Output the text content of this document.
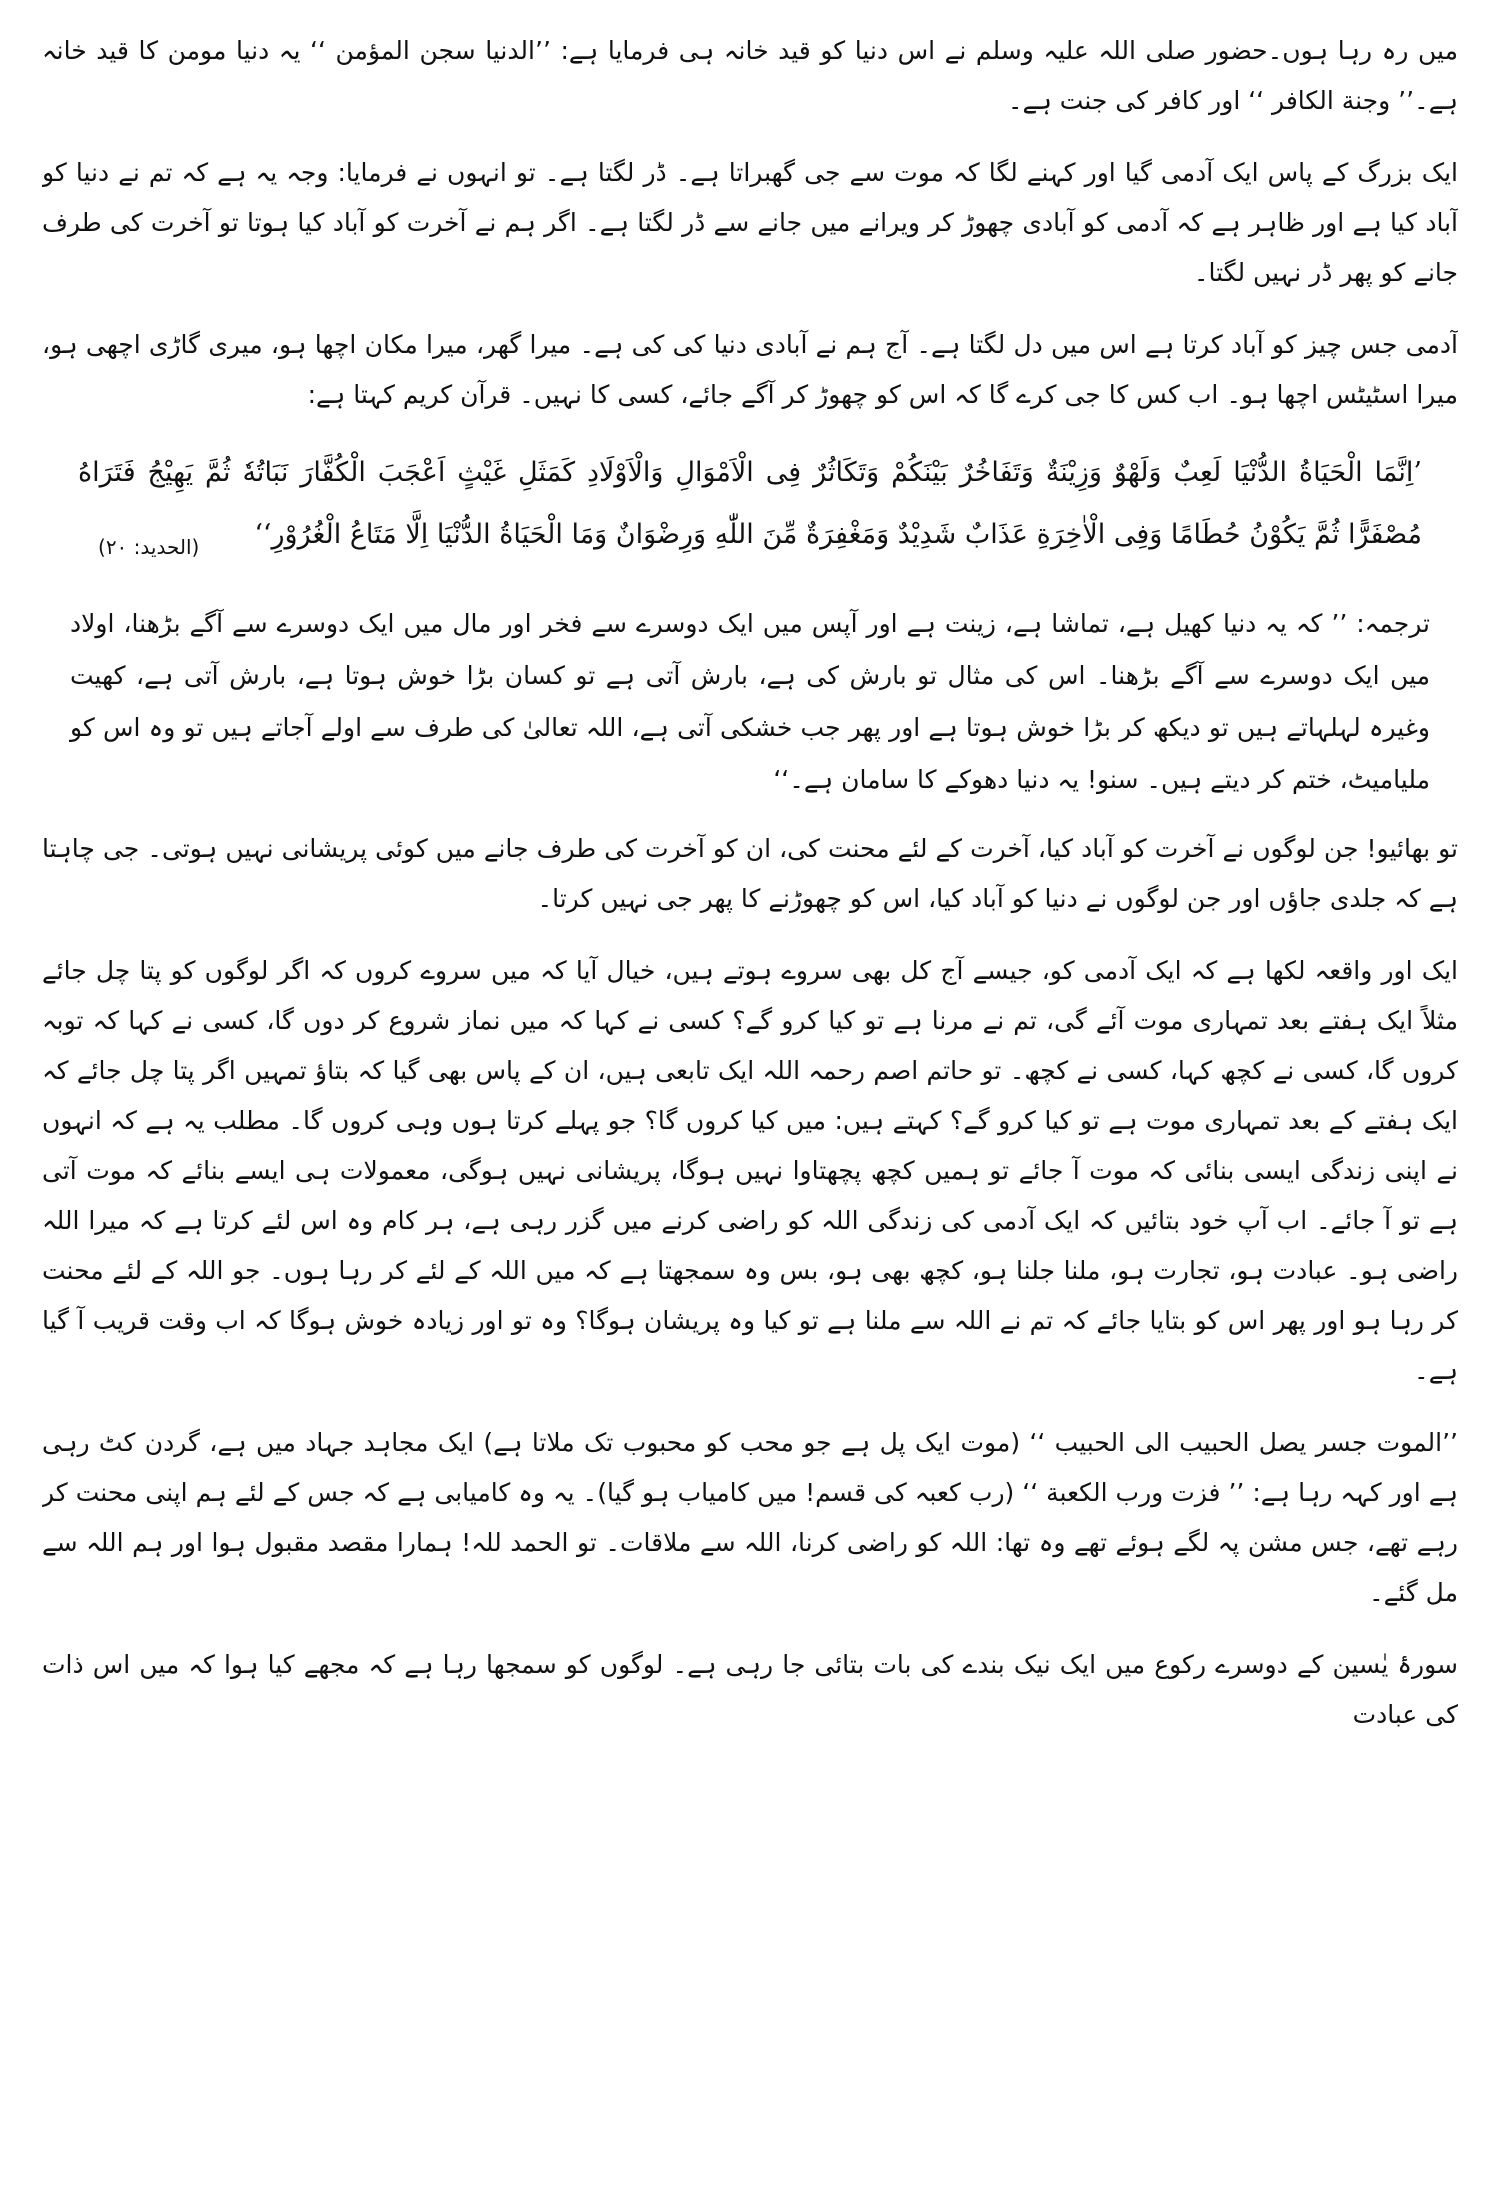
میں رہ رہا ہوں۔حضور صلی اللہ علیہ وسلم نے اس دنیا کو قید خانہ ہی فرمایا ہے: ’’الدنیا سجن المؤمن ‘‘ یہ دنیا مومن کا قید خانہ ہے۔’’ وجنة الکافر ‘‘ اور کافر کی جنت ہے۔

ایک بزرگ کے پاس ایک آدمی گیا اور کہنے لگا کہ موت سے جی گھبراتا ہے۔ ڈر لگتا ہے۔ تو انہوں نے فرمایا: وجہ یہ ہے کہ تم نے دنیا کو آباد کیا ہے اور ظاہر ہے کہ آدمی کو آبادی چھوڑ کر ویرانے میں جانے سے ڈر لگتا ہے۔ اگر ہم نے آخرت کو آباد کیا ہوتا تو آخرت کی طرف جانے کو پھر ڈر نہیں لگتا۔

آدمی جس چیز کو آباد کرتا ہے اس میں دل لگتا ہے۔ آج ہم نے آبادی دنیا کی کی ہے۔ میرا گھر، میرا مکان اچھا ہو، میری گاڑی اچھی ہو، میرا اسٹیٹس اچھا ہو۔ اب کس کا جی کرے گا کہ اس کو چھوڑ کر آگے جائے، کسی کا نہیں۔ قرآن کریم کہتا ہے:

’اِنَّمَا الْحَیَاةُ الدُّنْیَا لَعِبٌ وَلَهْوٌ وَزِیْنَةٌ وَتَفَاخُرٌ بَیْنَکُمْ وَتَکَاثُرٌ فِی الْاَمْوَالِ وَالْاَوْلَادِ کَمَثَلِ غَیْثٍ اَعْجَبَ الْکُفَّارَ نَبَاتُهٗ ثُمَّ یَهِیْجُ فَتَرَاهُ مُصْفَرًّا ثُمَّ یَکُوْنُ حُطَامًا وَفِی الْاٰخِرَةِ عَذَابٌ شَدِیْدٌ وَمَغْفِرَةٌ مِّنَ اللّٰهِ وَرِضْوَانٌ وَمَا الْحَیَاةُ الدُّنْیَا اِلَّا مَتَاعُ الْغُرُوْرِ‘‘
(الحدید: ۲۰)

ترجمہ: ’’ کہ یہ دنیا کھیل ہے، تماشا ہے، زینت ہے اور آپس میں ایک دوسرے سے فخر اور مال میں ایک دوسرے سے آگے بڑھنا، اولاد میں ایک دوسرے سے آگے بڑھنا۔ اس کی مثال تو بارش کی ہے، بارش آتی ہے تو کسان بڑا خوش ہوتا ہے، بارش آتی ہے، کھیت وغیرہ لہلہاتے ہیں تو دیکھ کر بڑا خوش ہوتا ہے اور پھر جب خشکی آتی ہے، اللہ تعالیٰ کی طرف سے اولے آجاتے ہیں تو وہ اس کو ملیامیٹ، ختم کر دیتے ہیں۔ سنو! یہ دنیا دھوکے کا سامان ہے۔‘‘

تو بھائیو! جن لوگوں نے آخرت کو آباد کیا، آخرت کے لئے محنت کی، ان کو آخرت کی طرف جانے میں کوئی پریشانی نہیں ہوتی۔ جی چاہتا ہے کہ جلدی جاؤں اور جن لوگوں نے دنیا کو آباد کیا، اس کو چھوڑنے کا پھر جی نہیں کرتا۔

ایک اور واقعہ لکھا ہے کہ ایک آدمی کو، جیسے آج کل بھی سروے ہوتے ہیں، خیال آیا کہ میں سروے کروں کہ اگر لوگوں کو پتا چل جائے مثلاً ایک ہفتے بعد تمہاری موت آئے گی، تم نے مرنا ہے تو کیا کرو گے؟ کسی نے کہا کہ میں نماز شروع کر دوں گا، کسی نے کہا کہ توبہ کروں گا، کسی نے کچھ کہا، کسی نے کچھ۔ تو حاتم اصم رحمہ اللہ ایک تابعی ہیں، ان کے پاس بھی گیا کہ بتاؤ تمہیں اگر پتا چل جائے کہ ایک ہفتے کے بعد تمہاری موت ہے تو کیا کرو گے؟ کہتے ہیں: میں کیا کروں گا؟ جو پہلے کرتا ہوں وہی کروں گا۔ مطلب یہ ہے کہ انہوں نے اپنی زندگی ایسی بنائی کہ موت آ جائے تو ہمیں کچھ پچھتاوا نہیں ہوگا، پریشانی نہیں ہوگی، معمولات ہی ایسے بنائے کہ موت آتی ہے تو آ جائے۔ اب آپ خود بتائیں کہ ایک آدمی کی زندگی اللہ کو راضی کرنے میں گزر رہی ہے، ہر کام وہ اس لئے کرتا ہے کہ میرا اللہ راضی ہو۔ عبادت ہو، تجارت ہو، ملنا جلنا ہو، کچھ بھی ہو، بس وہ سمجھتا ہے کہ میں اللہ کے لئے کر رہا ہوں۔ جو اللہ کے لئے محنت کر رہا ہو اور پھر اس کو بتایا جائے کہ تم نے اللہ سے ملنا ہے تو کیا وہ پریشان ہوگا؟ وہ تو اور زیادہ خوش ہوگا کہ اب وقت قریب آ گیا ہے۔

’’الموت جسر یصل الحبیب الی الحبیب ‘‘ (موت ایک پل ہے جو محب کو محبوب تک ملاتا ہے) ایک مجاہد جہاد میں ہے، گردن کٹ رہی ہے اور کہہ رہا ہے: ’’ فزت ورب الکعبة ‘‘ (رب کعبہ کی قسم! میں کامیاب ہو گیا)۔ یہ وہ کامیابی ہے کہ جس کے لئے ہم اپنی محنت کر رہے تھے، جس مشن پہ لگے ہوئے تھے وہ تھا: اللہ کو راضی کرنا، اللہ سے ملاقات۔ تو الحمد للہ! ہمارا مقصد مقبول ہوا اور ہم اللہ سے مل گئے۔

سورۂ یٰسین کے دوسرے رکوع میں ایک نیک بندے کی بات بتائی جا رہی ہے۔ لوگوں کو سمجھا رہا ہے کہ مجھے کیا ہوا کہ میں اس ذات کی عبادت
